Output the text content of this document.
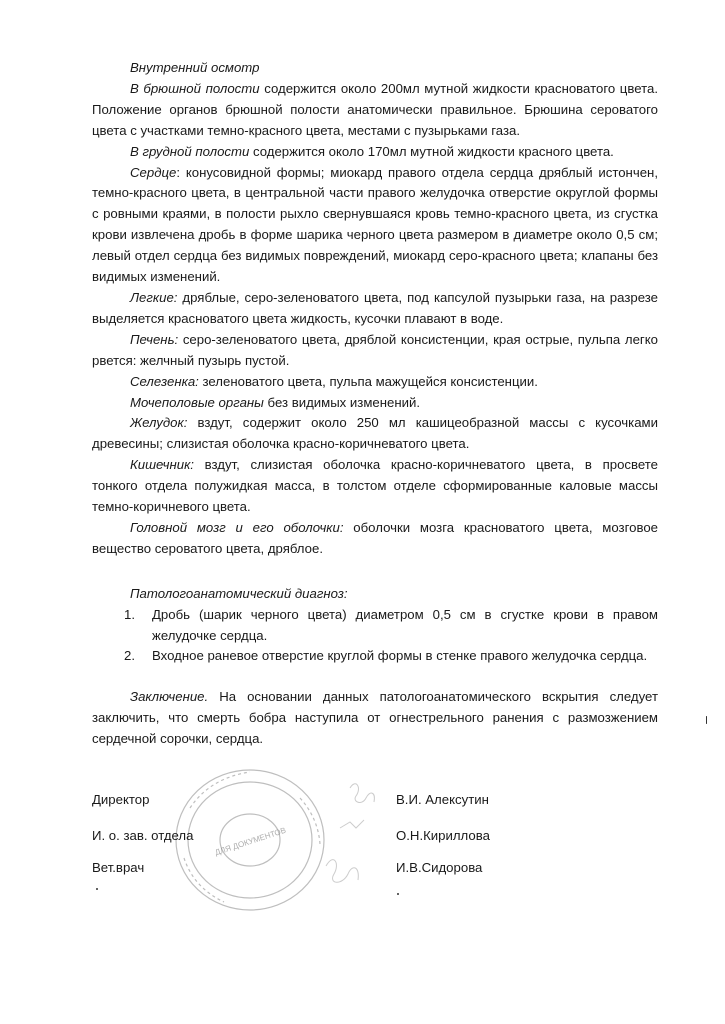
Внутренний осмотр

В брюшной полости содержится около 200мл мутной жидкости красноватого цвета. Положение органов брюшной полости анатомически правильное. Брюшина сероватого цвета с участками темно-красного цвета, местами с пузырьками газа.

В грудной полости содержится около 170мл мутной жидкости красного цвета.

Сердце: конусовидной формы; миокард правого отдела сердца дряблый истончен, темно-красного цвета, в центральной части правого желудочка отверстие округлой формы с ровными краями, в полости рыхло свернувшаяся кровь темно-красного цвета, из сгустка крови извлечена дробь в форме шарика черного цвета размером в диаметре около 0,5 см; левый отдел сердца без видимых повреждений, миокард серо-красного цвета; клапаны без видимых изменений.

Легкие: дряблые, серо-зеленоватого цвета, под капсулой пузырьки газа, на разрезе выделяется красноватого цвета жидкость, кусочки плавают в воде.

Печень: серо-зеленоватого цвета, дряблой консистенции, края острые, пульпа легко рвется: желчный пузырь пустой.

Селезенка: зеленоватого цвета, пульпа мажущейся консистенции.

Мочеполовые органы без видимых изменений.

Желудок: вздут, содержит около 250 мл кашицеобразной массы с кусочками древесины; слизистая оболочка красно-коричневатого цвета.

Кишечник: вздут, слизистая оболочка красно-коричневатого цвета, в просвете тонкого отдела полужидкая масса, в толстом отделе сформированные каловые массы темно-коричневого цвета.

Головной мозг и его оболочки: оболочки мозга красноватого цвета, мозговое вещество сероватого цвета, дряблое.

Патологоанатомический диагноз:

1. Дробь (шарик черного цвета) диаметром 0,5 см в сгустке крови в правом желудочке сердца.
2. Входное раневое отверстие круглой формы в стенке правого желудочка сердца.

Заключение. На основании данных патологоанатомического вскрытия следует заключить, что смерть бобра наступила от огнестрельного ранения с размозжением сердечной сорочки, сердца.

ДЛЯ ДОКУМЕНТОВ
Директор	В.И. Алексутин
И. о. зав. отдела	О.Н.Кириллова
Вет.врач	И.В.Сидорова
